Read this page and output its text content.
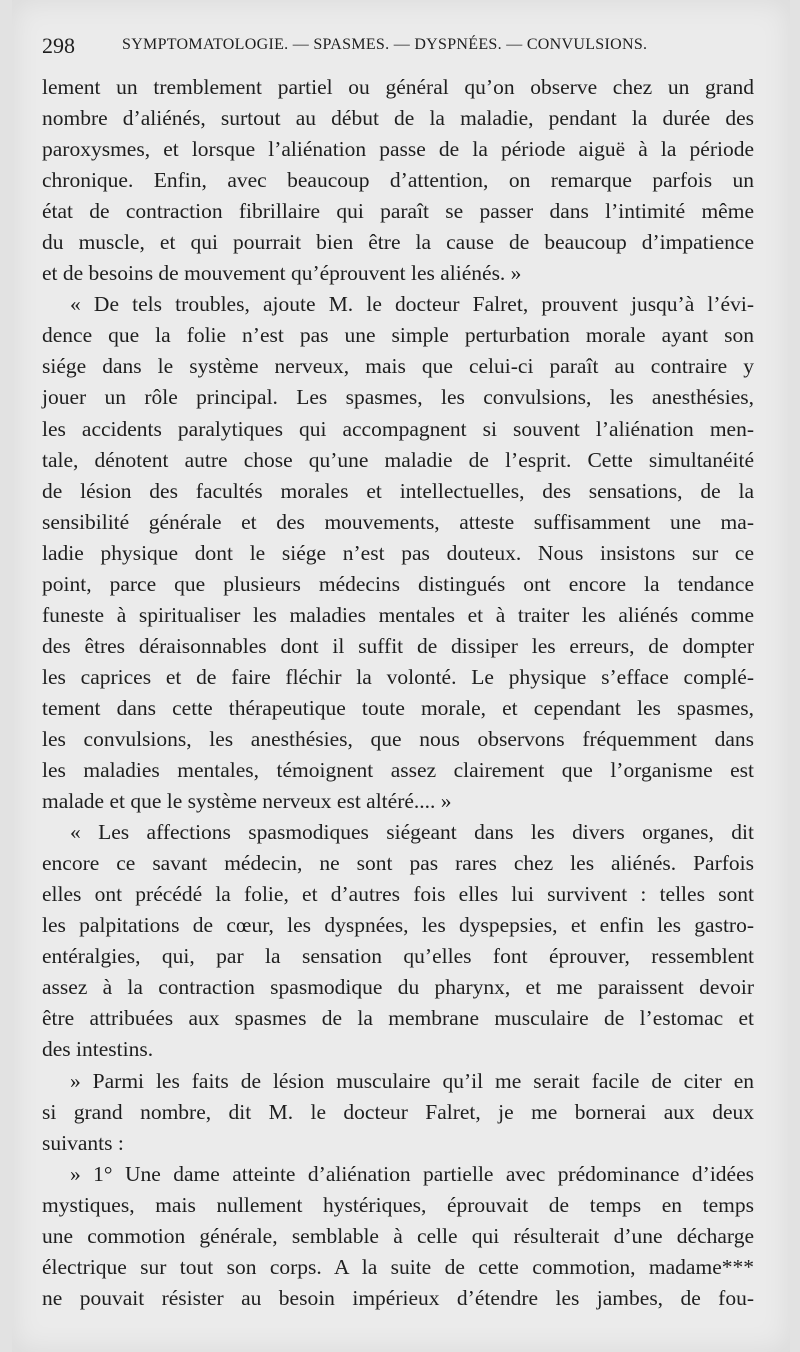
298	SYMPTOMATOLOGIE. — SPASMES. — DYSPNÉES. — CONVULSIONS.
lement un tremblement partiel ou général qu’on observe chez un grand
nombre d’aliénés, surtout au début de la maladie, pendant la durée des
paroxysmes, et lorsque l’aliénation passe de la période aiguë à la période
chronique. Enfin, avec beaucoup d’attention, on remarque parfois un
état de contraction fibrillaire qui paraît se passer dans l’intimité même
du muscle, et qui pourrait bien être la cause de beaucoup d’impatience
et de besoins de mouvement qu’éprouvent les aliénés. »
« De tels troubles, ajoute M. le docteur Falret, prouvent jusqu’à l’évi-
dence que la folie n’est pas une simple perturbation morale ayant son
siége dans le système nerveux, mais que celui-ci paraît au contraire y
jouer un rôle principal. Les spasmes, les convulsions, les anesthésies,
les accidents paralytiques qui accompagnent si souvent l’aliénation men-
tale, dénotent autre chose qu’une maladie de l’esprit. Cette simultanéité
de lésion des facultés morales et intellectuelles, des sensations, de la
sensibilité générale et des mouvements, atteste suffisamment une ma-
ladie physique dont le siége n’est pas douteux. Nous insistons sur ce
point, parce que plusieurs médecins distingués ont encore la tendance
funeste à spiritualiser les maladies mentales et à traiter les aliénés comme
des êtres déraisonnables dont il suffit de dissiper les erreurs, de dompter
les caprices et de faire fléchir la volonté. Le physique s’efface complé-
tement dans cette thérapeutique toute morale, et cependant les spasmes,
les convulsions, les anesthésies, que nous observons fréquemment dans
les maladies mentales, témoignent assez clairement que l’organisme est
malade et que le système nerveux est altéré.... »
« Les affections spasmodiques siégeant dans les divers organes, dit
encore ce savant médecin, ne sont pas rares chez les aliénés. Parfois
elles ont précédé la folie, et d’autres fois elles lui survivent : telles sont
les palpitations de cœur, les dyspnées, les dyspepsies, et enfin les gastro-
entéralgies, qui, par la sensation qu’elles font éprouver, ressemblent
assez à la contraction spasmodique du pharynx, et me paraissent devoir
être attribuées aux spasmes de la membrane musculaire de l’estomac et
des intestins.
» Parmi les faits de lésion musculaire qu’il me serait facile de citer en
si grand nombre, dit M. le docteur Falret, je me bornerai aux deux
suivants :
» 1° Une dame atteinte d’aliénation partielle avec prédominance d’idées
mystiques, mais nullement hystériques, éprouvait de temps en temps
une commotion générale, semblable à celle qui résulterait d’une décharge
électrique sur tout son corps. A la suite de cette commotion, madame***
ne pouvait résister au besoin impérieux d’étendre les jambes, de fou-
